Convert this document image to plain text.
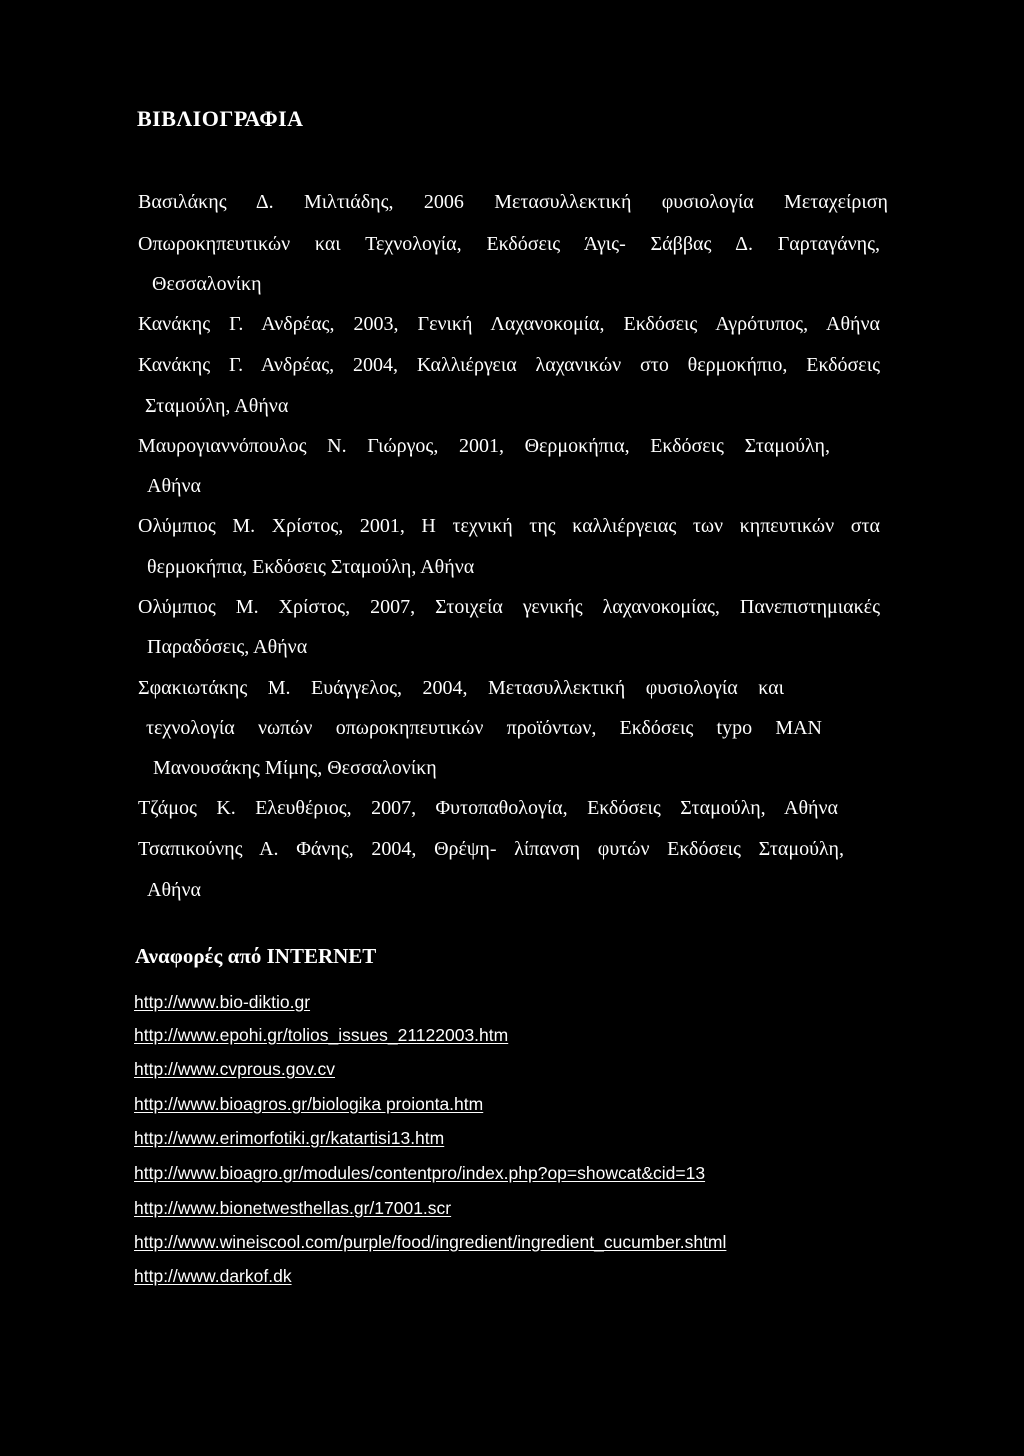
ΒΙΒΛΙΟΓΡΑΦΙΑ
Βασιλάκης Δ. Μιλτιάδης, 2006 Μετασυλλεκτική φυσιολογία Μεταχείριση
Οπωροκηπευτικών και Τεχνολογία, Εκδόσεις Άγις- Σάββας Δ. Γαρταγάνης,
Θεσσαλονίκη
Κανάκης Γ. Ανδρέας, 2003, Γενική Λαχανοκομία, Εκδόσεις Αγρότυπος, Αθήνα
Κανάκης Γ. Ανδρέας, 2004, Καλλιέργεια λαχανικών στο θερμοκήπιο, Εκδόσεις
Σταμούλη, Αθήνα
Μαυρογιαννόπουλος Ν. Γιώργος, 2001, Θερμοκήπια, Εκδόσεις Σταμούλη,
Αθήνα
Ολύμπιος Μ. Χρίστος, 2001, Η τεχνική της καλλιέργειας των κηπευτικών στα
θερμοκήπια, Εκδόσεις Σταμούλη, Αθήνα
Ολύμπιος Μ. Χρίστος, 2007, Στοιχεία γενικής λαχανοκομίας, Πανεπιστημιακές
Παραδόσεις, Αθήνα
Σφακιωτάκης Μ. Ευάγγελος, 2004, Μετασυλλεκτική φυσιολογία και
τεχνολογία νωπών οπωροκηπευτικών προϊόντων, Εκδόσεις typo MAN
Μανουσάκης Μίμης, Θεσσαλονίκη
Τζάμος Κ. Ελευθέριος, 2007, Φυτοπαθολογία, Εκδόσεις Σταμούλη, Αθήνα
Τσαπικούνης Α. Φάνης, 2004, Θρέψη- λίπανση φυτών Εκδόσεις Σταμούλη,
Αθήνα
Αναφορές από INTERNET
http://www.bio-diktio.gr
http://www.epohi.gr/tolios_issues_21122003.htm
http://www.cvprous.gov.cv
http://www.bioagros.gr/biologika proionta.htm
http://www.erimorfotiki.gr/katartisi13.htm
http://www.bioagro.gr/modules/contentpro/index.php?op=showcat&cid=13
http://www.bionetwesthellas.gr/17001.scr
http://www.wineiscool.com/purple/food/ingredient/ingredient_cucumber.shtml
http://www.darkof.dk
